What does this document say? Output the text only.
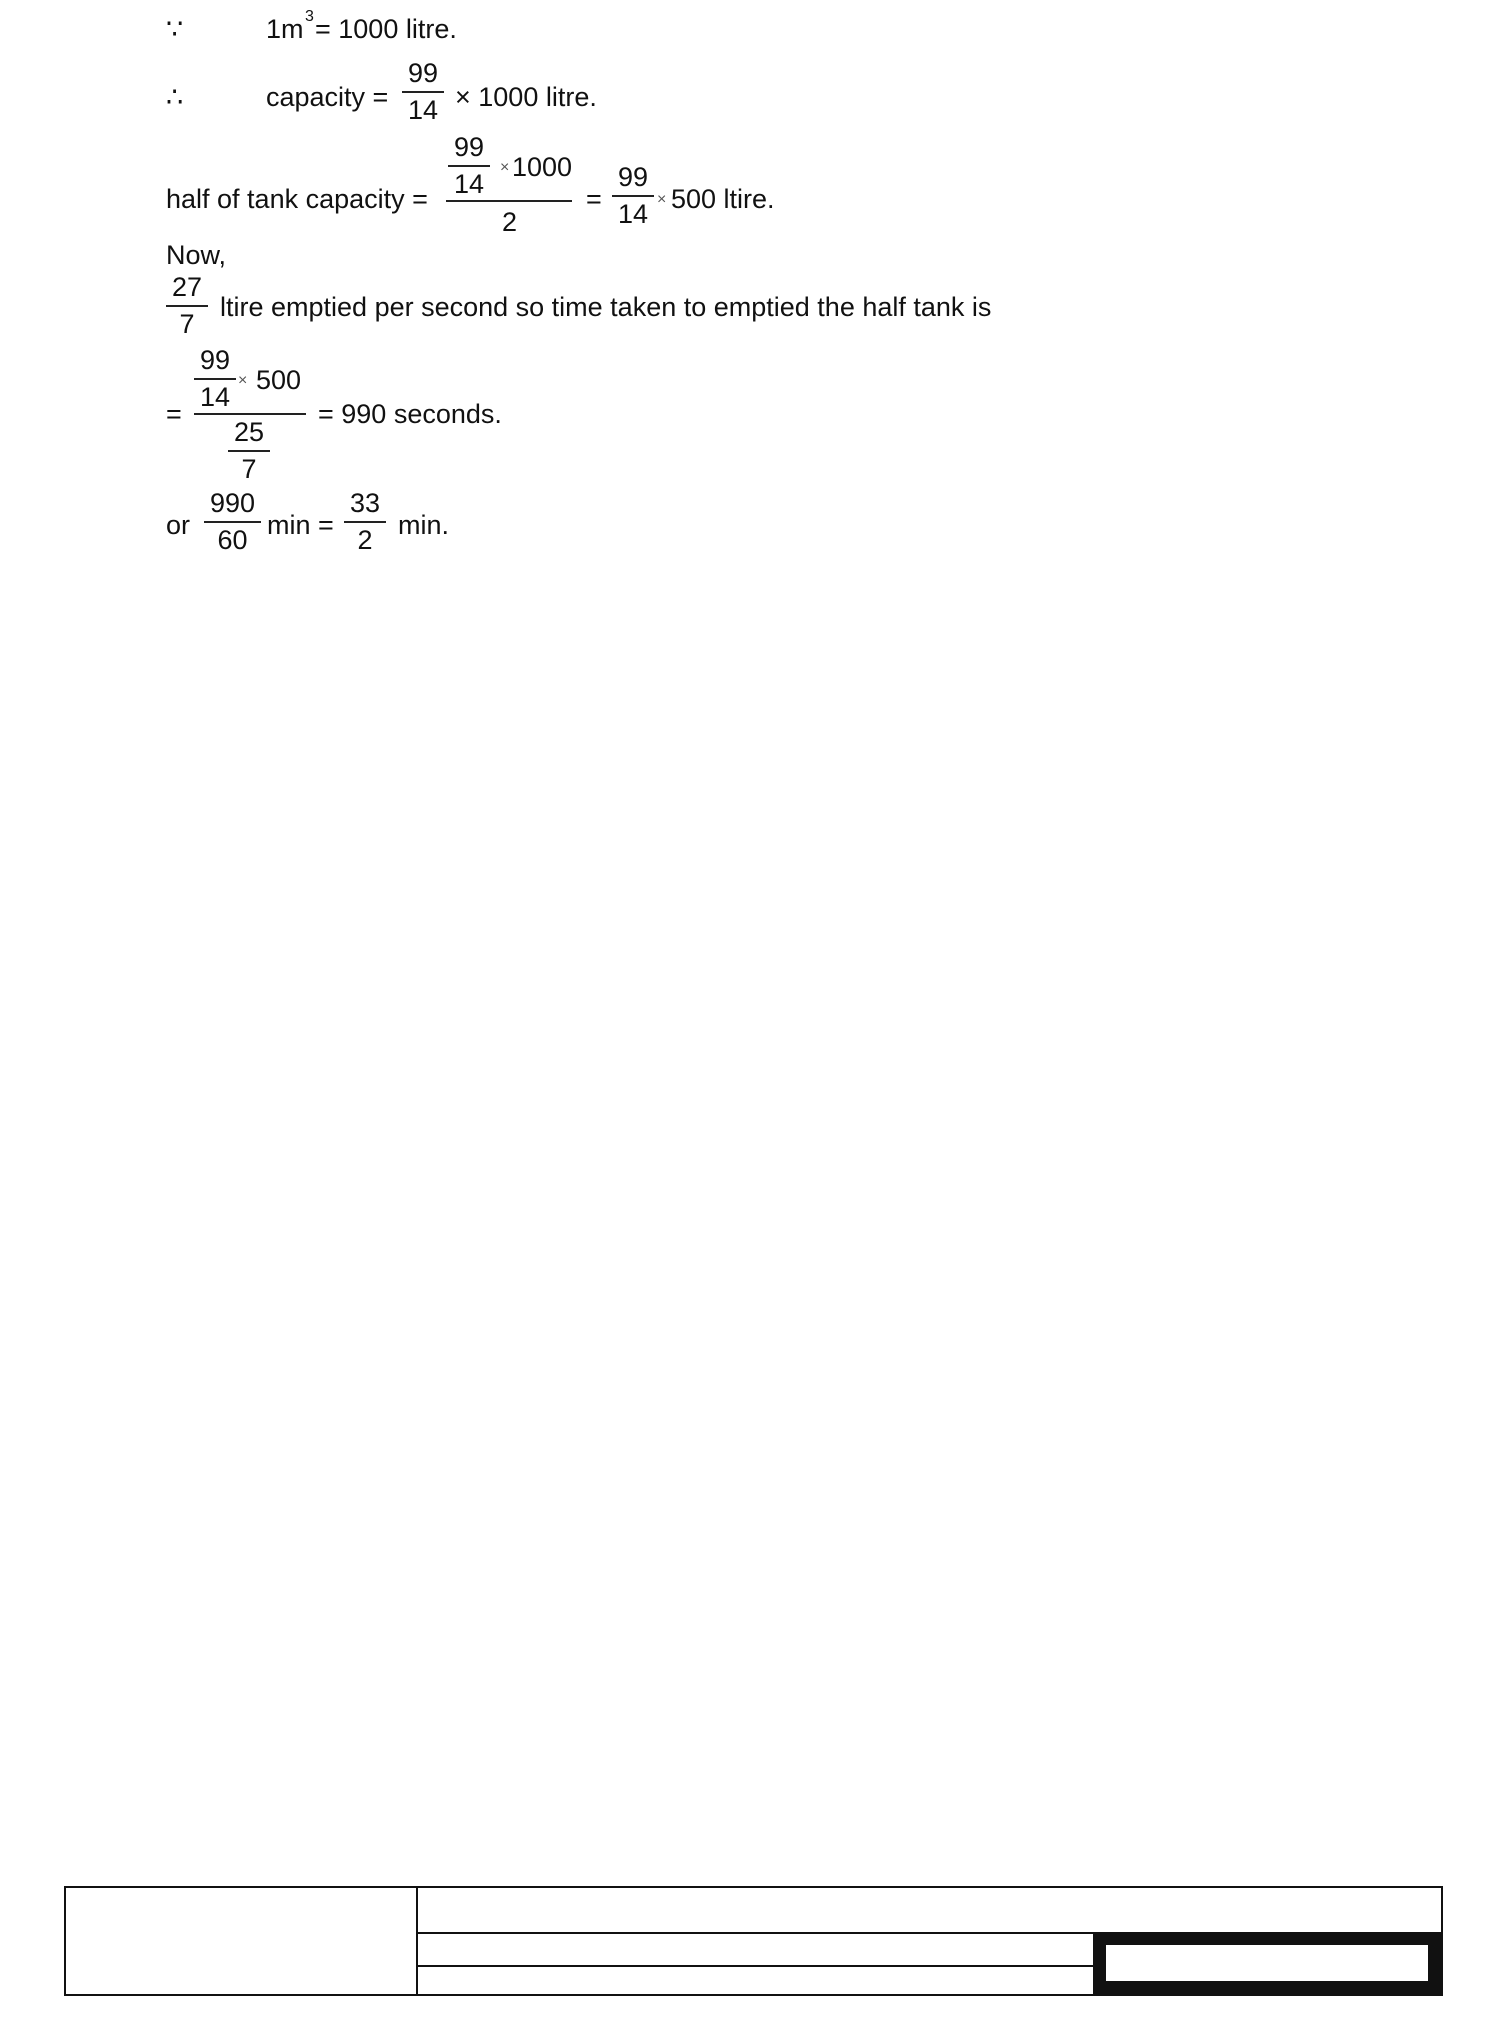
∵	1m 3 = 1000 litre.
∴	capacity =
99
14 × 1000 litre.
half of tank capacity =
99
14
× 1000
2
=
99
14 × 500 ltire.
Now,
27
7
ltire emptied per second so time taken to emptied the half tank is
=
99
14
× 500
25
7
= 990 seconds.
or
990
60 min =
33
2 min.
